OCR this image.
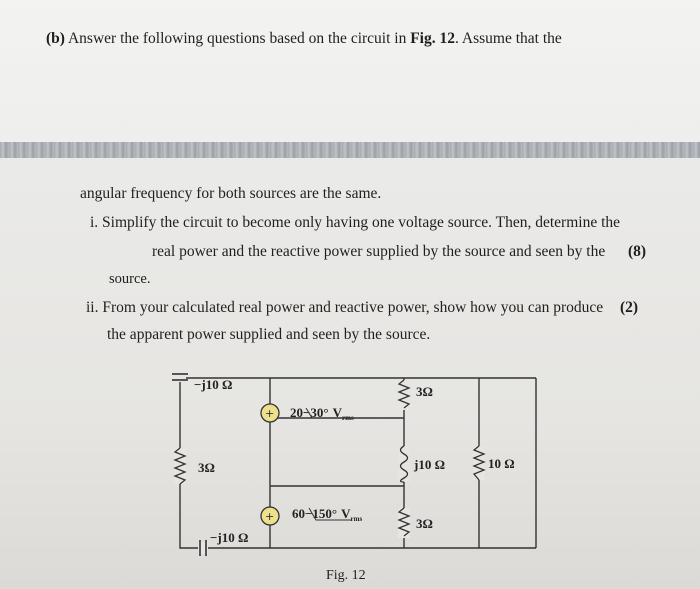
(b) Answer the following questions based on the circuit in Fig. 12. Assume that the
angular frequency for both sources are the same.
i. Simplify the circuit to become only having one voltage source. Then, determine the
real power and the reactive power supplied by the source and seen by the (8)
source.
ii. From your calculated real power and reactive power, show how you can produce (2)
the apparent power supplied and seen by the source.
−j10 Ω
3Ω
−j10 Ω
+ 20−30° $V_{rms}$
+ 60−150° $V_{rms}$
3Ω
j10 Ω
3Ω
10 Ω
Fig. 12
